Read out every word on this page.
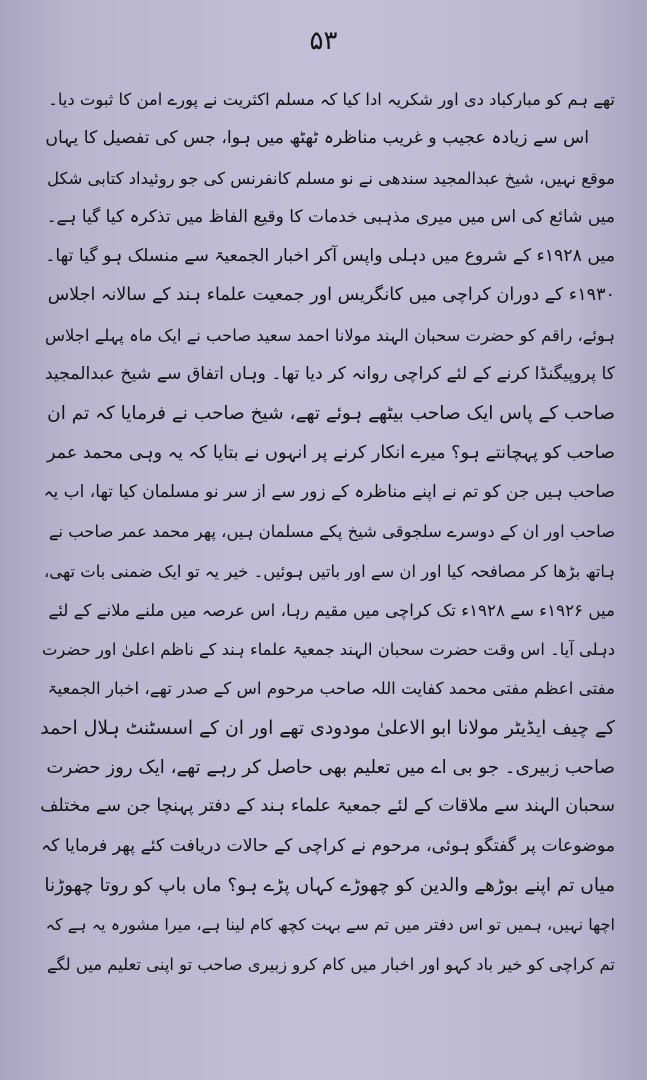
۵۳
تھے ہم کو مبارکباد دی اور شکریہ ادا کیا کہ مسلم اکثریت نے پورے امن کا ثبوت دیا۔
اس سے زیادہ عجیب و غریب مناظرہ ٹھٹھ میں ہوا، جس کی تفصیل کا یہاں
موقع نہیں، شیخ عبدالمجید سندھی نے نو مسلم کانفرنس کی جو روئیداد کتابی شکل
میں شائع کی اس میں میری مذہبی خدمات کا وقیع الفاظ میں تذکرہ کیا گیا ہے۔
میں ۱۹۲۸ء کے شروع میں دہلی واپس آکر اخبار الجمعیۃ سے منسلک ہو گیا تھا۔
۱۹۳۰ء کے دوران کراچی میں کانگریس اور جمعیت علماء ہند کے سالانہ اجلاس
ہوئے، راقم کو حضرت سحبان الہند مولانا احمد سعید صاحب نے ایک ماہ پہلے اجلاس
کا پروپیگنڈا کرنے کے لئے کراچی روانہ کر دیا تھا۔ وہاں اتفاق سے شیخ عبدالمجید
صاحب کے پاس ایک صاحب بیٹھے ہوئے تھے، شیخ صاحب نے فرمایا کہ تم ان
صاحب کو پہچانتے ہو؟ میرے انکار کرنے پر انہوں نے بتایا کہ یہ وہی محمد عمر
صاحب ہیں جن کو تم نے اپنے مناظرہ کے زور سے از سر نو مسلمان کیا تھا، اب یہ
صاحب اور ان کے دوسرے سلجوقی شیخ پکے مسلمان ہیں، پھر محمد عمر صاحب نے
ہاتھ بڑھا کر مصافحہ کیا اور ان سے اور باتیں ہوئیں۔ خیر یہ تو ایک ضمنی بات تھی،
میں ۱۹۲۶ء سے ۱۹۲۸ء تک کراچی میں مقیم رہا، اس عرصہ میں ملنے ملانے کے لئے
دہلی آیا۔ اس وقت حضرت سحبان الہند جمعیۃ علماء ہند کے ناظم اعلیٰ اور حضرت
مفتی اعظم مفتی محمد کفایت اللہ صاحب مرحوم اس کے صدر تھے، اخبار الجمعیۃ
کے چیف ایڈیٹر مولانا ابو الاعلیٰ مودودی تھے اور ان کے اسسٹنٹ ہلال احمد
صاحب زبیری۔ جو بی اے میں تعلیم بھی حاصل کر رہے تھے، ایک روز حضرت
سحبان الہند سے ملاقات کے لئے جمعیۃ علماء ہند کے دفتر پہنچا جن سے مختلف
موضوعات پر گفتگو ہوئی، مرحوم نے کراچی کے حالات دریافت کئے پھر فرمایا کہ
میاں تم اپنے بوڑھے والدین کو چھوڑے کہاں پڑے ہو؟ ماں باپ کو روتا چھوڑنا
اچھا نہیں، ہمیں تو اس دفتر میں تم سے بہت کچھ کام لینا ہے، میرا مشورہ یہ ہے کہ
تم کراچی کو خیر باد کہو اور اخبار میں کام کرو زبیری صاحب تو اپنی تعلیم میں لگے
